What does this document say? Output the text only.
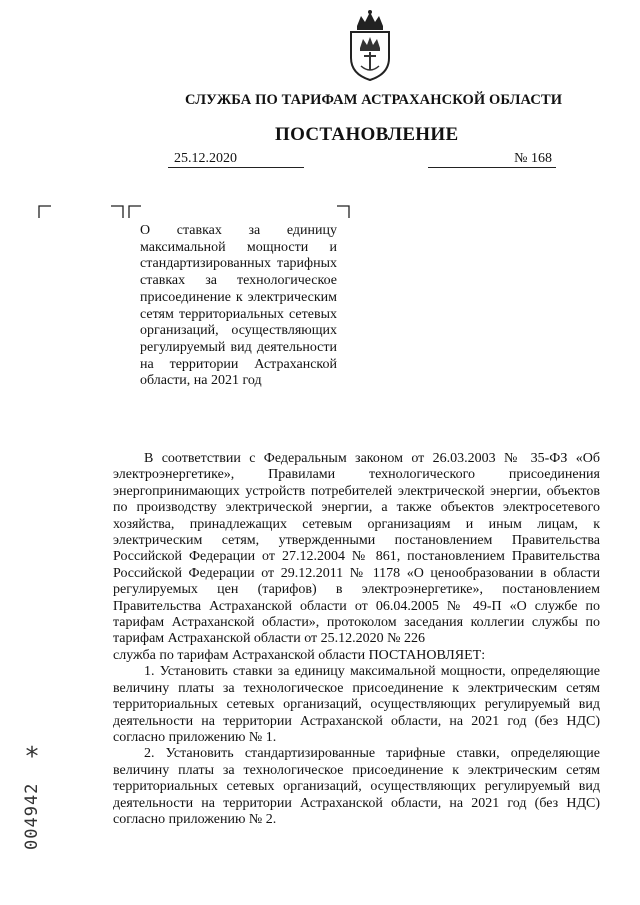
СЛУЖБА ПО ТАРИФАМ АСТРАХАНСКОЙ ОБЛАСТИ
ПОСТАНОВЛЕНИЕ
25.12.2020	№ 168
О ставках за единицу максимальной мощности и стандартизированных тарифных ставках за технологическое присоединение к электрическим сетям территориальных сетевых организаций, осуществляющих регулируемый вид деятельности на территории Астраханской области, на 2021 год

В соответствии с Федеральным законом от 26.03.2003 № 35-ФЗ «Об электроэнергетике», Правилами технологического присоединения энергопринимающих устройств потребителей электрической энергии, объектов по производству электрической энергии, а также объектов электросетевого хозяйства, принадлежащих сетевым организациям и иным лицам, к электрическим сетям, утвержденными постановлением Правительства Российской Федерации от 27.12.2004 № 861, постановлением Правительства Российской Федерации от 29.12.2011 № 1178 «О ценообразовании в области регулируемых цен (тарифов) в электроэнергетике», постановлением Правительства Астраханской области от 06.04.2005 № 49-П «О службе по тарифам Астраханской области», протоколом заседания коллегии службы по тарифам Астраханской области от 25.12.2020 № 226

служба по тарифам Астраханской области ПОСТАНОВЛЯЕТ:

1. Установить ставки за единицу максимальной мощности, определяющие величину платы за технологическое присоединение к электрическим сетям территориальных сетевых организаций, осуществляющих регулируемый вид деятельности на территории Астраханской области, на 2021 год (без НДС) согласно приложению № 1.

2. Установить стандартизированные тарифные ставки, определяющие величину платы за технологическое присоединение к электрическим сетям территориальных сетевых организаций, осуществляющих регулируемый вид деятельности на территории Астраханской области, на 2021 год (без НДС) согласно приложению № 2.

*
004942
